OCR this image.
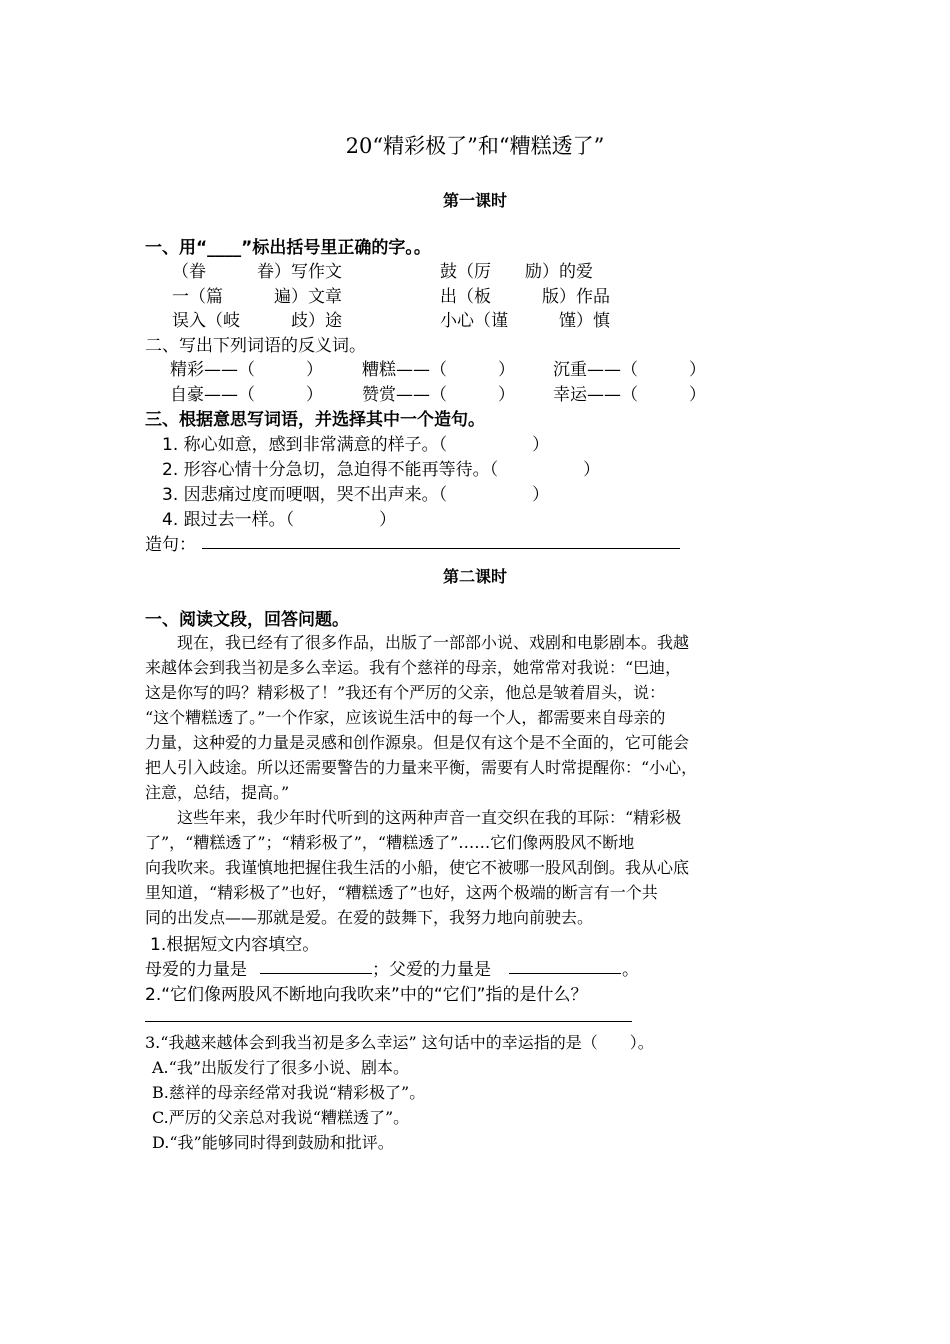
20“精彩极了”和“糟糕透了”
第一课时
一、用“____”标出括号里正确的字。。
（眷　　　眷）写作文	鼓（厉　　励）的爱
一（篇　　　遍）文章	出（板　　　版）作品
误入（岐　　　歧）途	小心（谨　　　馑）慎
二、写出下列词语的反义词。
精彩——（　　　） 糟糕——（　　　） 沉重——（　　　）
自豪——（　　　） 赞赏——（　　　） 幸运——（　　　）
三、根据意思写词语，并选择其中一个造句。
1. 称心如意，感到非常满意的样子。（　　　　　）
2. 形容心情十分急切，急迫得不能再等待。（　　　　　）
3. 因悲痛过度而哽咽，哭不出声来。（　　　　　）
4. 跟过去一样。（　　　　　）
造句：
第二课时
一、阅读文段，回答问题。
　　现在，我已经有了很多作品，出版了一部部小说、戏剧和电影剧本。我越
来越体会到我当初是多么幸运。我有个慈祥的母亲，她常常对我说：“巴迪，
这是你写的吗？精彩极了！”我还有个严厉的父亲，他总是皱着眉头，说：
“这个糟糕透了。”一个作家，应该说生活中的每一个人，都需要来自母亲的
力量，这种爱的力量是灵感和创作源泉。但是仅有这个是不全面的，它可能会
把人引入歧途。所以还需要警告的力量来平衡，需要有人时常提醒你：“小心，
注意，总结，提高。”
　　这些年来，我少年时代听到的这两种声音一直交织在我的耳际：“精彩极
了”，“糟糕透了”；“精彩极了”，“糟糕透了”……它们像两股风不断地
向我吹来。我谨慎地把握住我生活的小船，使它不被哪一股风刮倒。我从心底
里知道，“精彩极了”也好，“糟糕透了”也好，这两个极端的断言有一个共
同的出发点——那就是爱。在爱的鼓舞下，我努力地向前驶去。
1.根据短文内容填空。
母爱的力量是	；父爱的力量是	。
2.“它们像两股风不断地向我吹来”中的“它们”指的是什么？
3.“我越来越体会到我当初是多么幸运” 这句话中的幸运指的是（　　）。
A.“我”出版发行了很多小说、剧本。
B.慈祥的母亲经常对我说“精彩极了”。
C.严厉的父亲总对我说“糟糕透了”。
D.“我”能够同时得到鼓励和批评。
